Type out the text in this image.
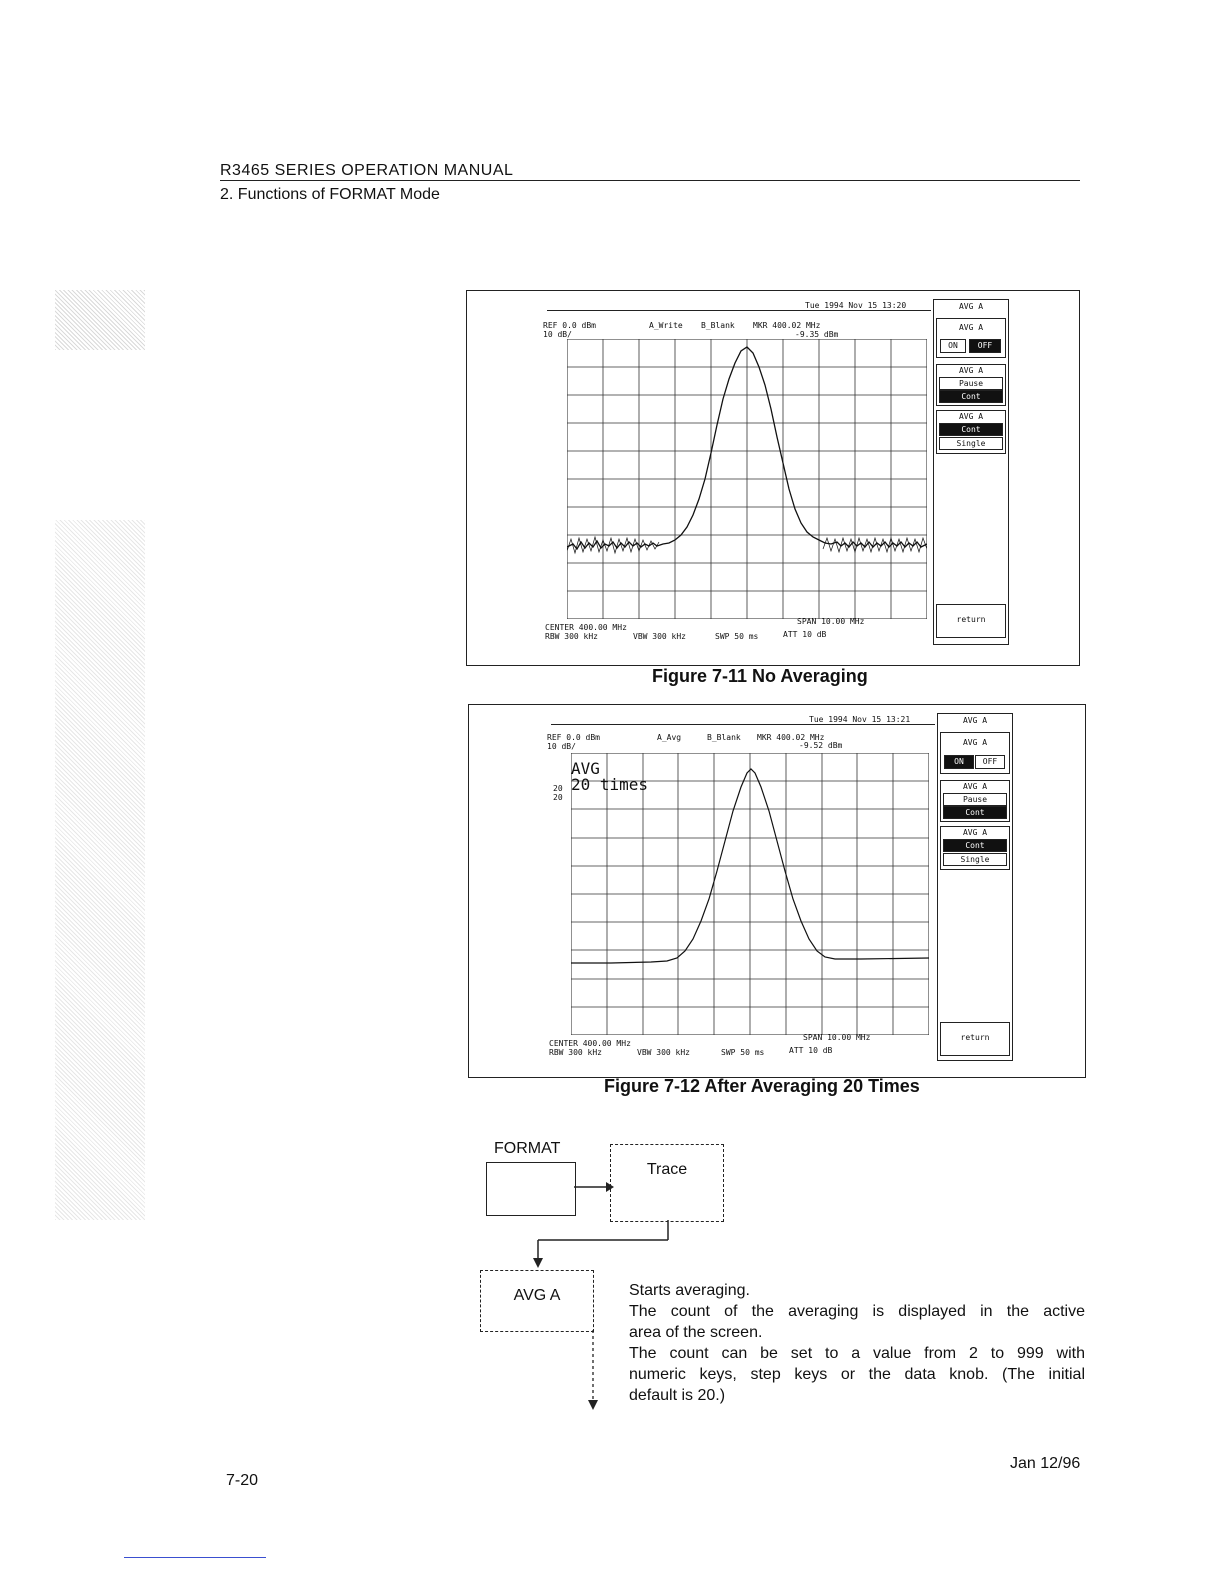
R3465 SERIES OPERATION MANUAL
2. Functions of FORMAT Mode
Tue 1994 Nov 15 13:20
REF 0.0 dBm
10 dB/
A_Write B_Blank MKR 400.02 MHz
-9.35 dBm
CENTER 400.00 MHz
SPAN 10.00 MHz
RBW 300 kHz	VBW 300 kHz	SWP 50 ms	ATT 10 dB
AVG A
AVG A
ON	OFF
AVG A
Pause
Cont
AVG A
Cont
Single
return
Figure 7-11 No Averaging
Tue 1994 Nov 15 13:21
REF 0.0 dBm
10 dB/
A_Avg	B_Blank MKR 400.02 MHz
-9.52 dBm
AVG
20 times
20
20
CENTER 400.00 MHz
SPAN 10.00 MHz
RBW 300 kHz	VBW 300 kHz	SWP 50 ms	ATT 10 dB
AVG A
AVG A
ON	OFF
AVG A
Pause
Cont
AVG A
Cont
Single
return
Figure 7-12 After Averaging 20 Times
FORMAT
Trace
AVG A	Starts averaging.
The count of the averaging is displayed in the active
area of the screen.
The count can be set to a value from 2 to 999 with
numeric keys, step keys or the data knob. (The initial
default is 20.)
7-20
Jan 12/96
